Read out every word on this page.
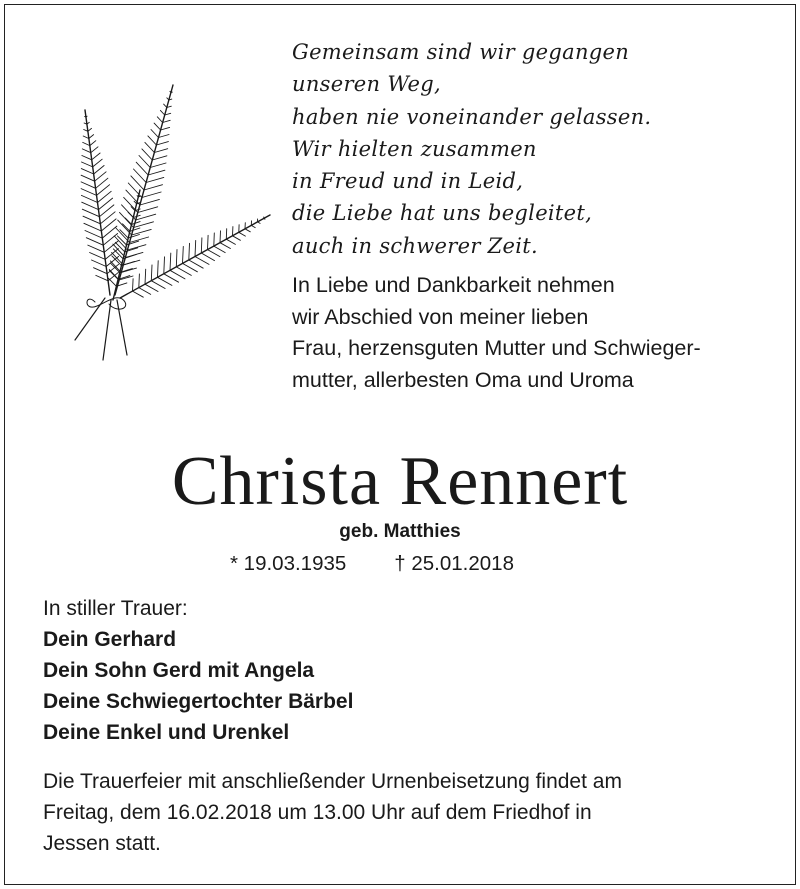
Gemeinsam sind wir gegangen
unseren Weg,
haben nie voneinander gelassen.
Wir hielten zusammen
in Freud und in Leid,
die Liebe hat uns begleitet,
auch in schwerer Zeit.
In Liebe und Dankbarkeit nehmen
wir Abschied von meiner lieben
Frau, herzensguten Mutter und Schwieger-
mutter, allerbesten Oma und Uroma
Christa Rennert
geb. Matthies
* 19.03.1935 † 25.01.2018
In stiller Trauer:
Dein Gerhard
Dein Sohn Gerd mit Angela
Deine Schwiegertochter Bärbel
Deine Enkel und Urenkel
Die Trauerfeier mit anschließender Urnenbeisetzung findet am
Freitag, dem 16.02.2018 um 13.00 Uhr auf dem Friedhof in
Jessen statt.
